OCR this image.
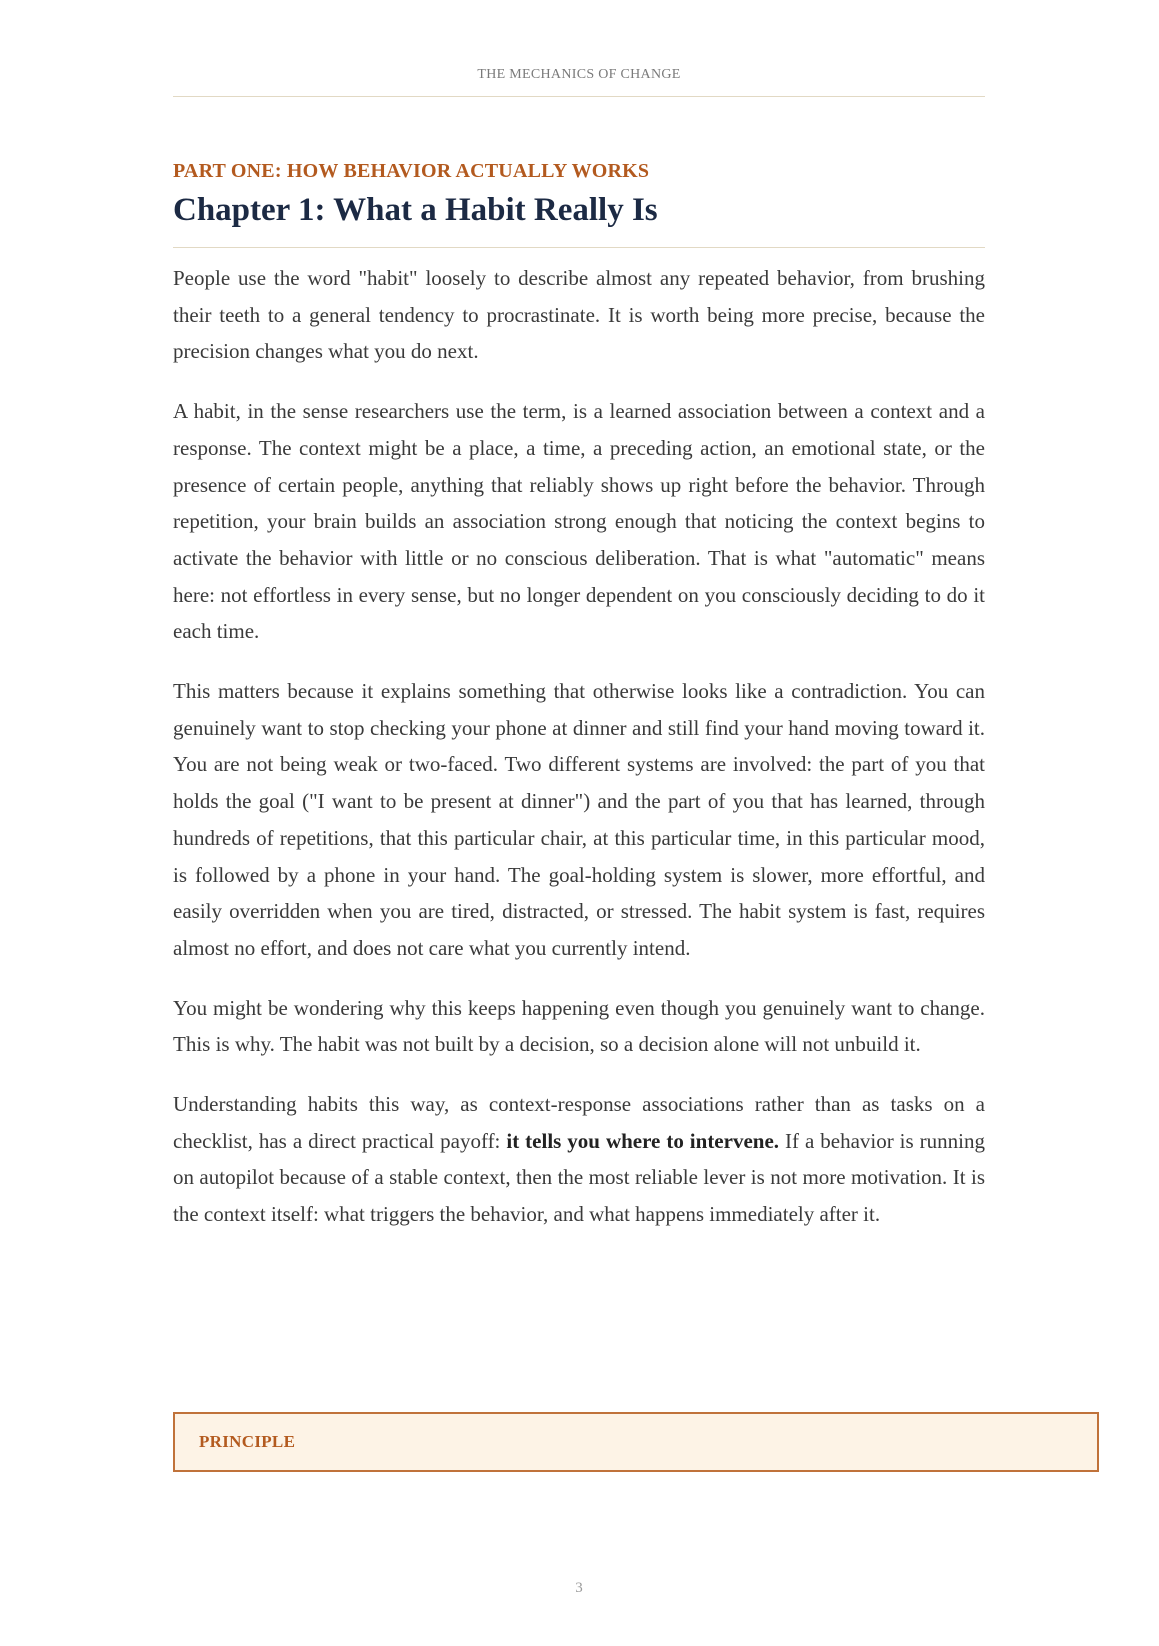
THE MECHANICS OF CHANGE
PART ONE: HOW BEHAVIOR ACTUALLY WORKS
Chapter 1: What a Habit Really Is

People use the word "habit" loosely to describe almost any repeated behavior, from brushing their teeth to a general tendency to procrastinate. It is worth being more precise, because the precision changes what you do next.

A habit, in the sense researchers use the term, is a learned association between a context and a response. The context might be a place, a time, a preceding action, an emotional state, or the presence of certain people, anything that reliably shows up right before the behavior. Through repetition, your brain builds an association strong enough that noticing the context begins to activate the behavior with little or no conscious deliberation. That is what "automatic" means here: not effortless in every sense, but no longer dependent on you consciously deciding to do it each time.

This matters because it explains something that otherwise looks like a contradiction. You can genuinely want to stop checking your phone at dinner and still find your hand moving toward it. You are not being weak or two-faced. Two different systems are involved: the part of you that holds the goal ("I want to be present at dinner") and the part of you that has learned, through hundreds of repetitions, that this particular chair, at this particular time, in this particular mood, is followed by a phone in your hand. The goal-holding system is slower, more effortful, and easily overridden when you are tired, distracted, or stressed. The habit system is fast, requires almost no effort, and does not care what you currently intend.

You might be wondering why this keeps happening even though you genuinely want to change. This is why. The habit was not built by a decision, so a decision alone will not unbuild it.

Understanding habits this way, as context-response associations rather than as tasks on a checklist, has a direct practical payoff: it tells you where to intervene. If a behavior is running on autopilot because of a stable context, then the most reliable lever is not more motivation. It is the context itself: what triggers the behavior, and what happens immediately after it.

PRINCIPLE
3
